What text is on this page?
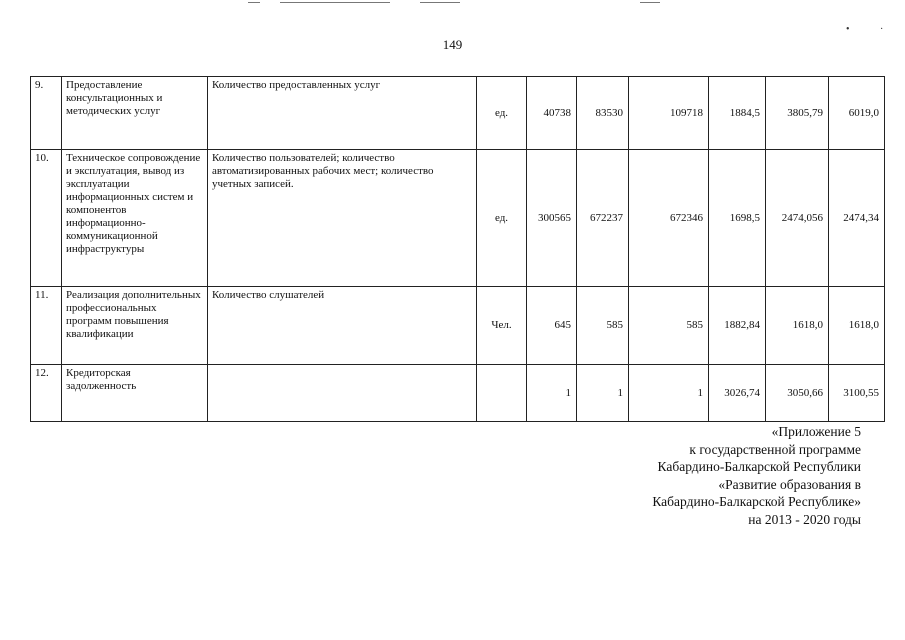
•	·
149
9.	Предоставление консультационных и методических услуг	Количество предоставленных услуг	ед.	40738	83530	109718	1884,5	3805,79	6019,0
10.	Техническое сопровождение и эксплуатация, вывод из эксплуатации информационных систем и компонентов информационно-коммуникационной инфраструктуры	Количество пользователей; количество автоматизированных рабочих мест; количество учетных записей.	ед.	300565	672237	672346	1698,5	2474,056	2474,34
11.	Реализация дополнительных профессиональных программ повышения квалификации	Количество слушателей	Чел.	645	585	585	1882,84	1618,0	1618,0
12.	Кредиторская задолженность			1	1	1	3026,74	3050,66	3100,55
«Приложение 5
к государственной программе
Кабардино-Балкарской Республики
«Развитие образования в
Кабардино-Балкарской Республике»
на 2013 - 2020 годы
